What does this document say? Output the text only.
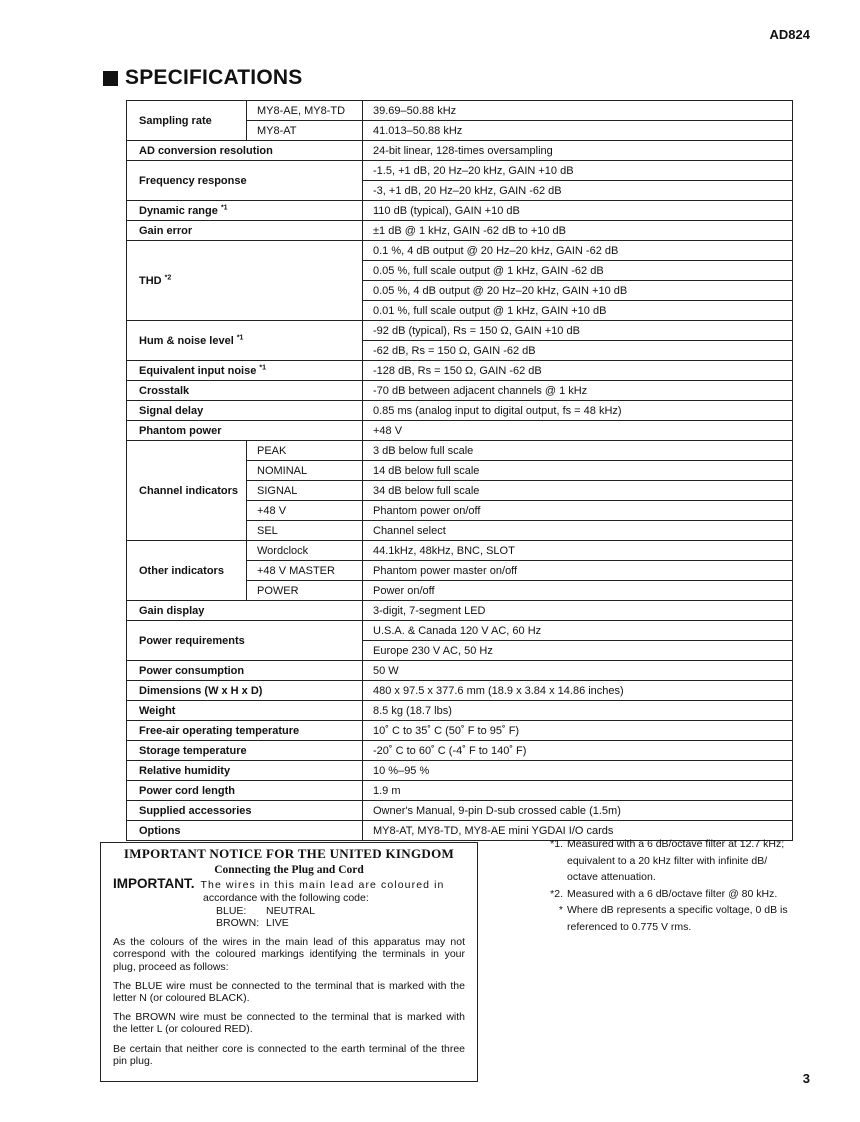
AD824
SPECIFICATIONS
Sampling rate	MY8-AE, MY8-TD	39.69–50.88 kHz
	MY8-AT	41.013–50.88 kHz
AD conversion resolution		24-bit linear, 128-times oversampling
Frequency response		-1.5, +1 dB, 20 Hz–20 kHz, GAIN +10 dB
		-3, +1 dB, 20 Hz–20 kHz, GAIN -62 dB
Dynamic range $^{*1}$		110 dB (typical), GAIN +10 dB
Gain error		±1 dB @ 1 kHz, GAIN -62 dB to +10 dB
THD $^{*2}$		0.1 %, 4 dB output @ 20 Hz–20 kHz, GAIN -62 dB
		0.05 %, full scale output @ 1 kHz, GAIN -62 dB
		0.05 %, 4 dB output @ 20 Hz–20 kHz, GAIN +10 dB
		0.01 %, full scale output @ 1 kHz, GAIN +10 dB
Hum & noise level $^{*1}$		-92 dB (typical), Rs = 150 Ω, GAIN +10 dB
		-62 dB, Rs = 150 Ω, GAIN -62 dB
Equivalent input noise $^{*1}$		-128 dB, Rs = 150 Ω, GAIN -62 dB
Crosstalk		-70 dB between adjacent channels @ 1 kHz
Signal delay		0.85 ms (analog input to digital output, fs = 48 kHz)
Phantom power		+48 V
Channel indicators	PEAK	3 dB below full scale
	NOMINAL	14 dB below full scale
	SIGNAL	34 dB below full scale
	+48 V	Phantom power on/off
	SEL	Channel select
Other indicators	Wordclock	44.1kHz, 48kHz, BNC, SLOT
	+48 V MASTER	Phantom power master on/off
	POWER	Power on/off
Gain display		3-digit, 7-segment LED
Power requirements		U.S.A. & Canada 120 V AC, 60 Hz
		Europe 230 V AC, 50 Hz
Power consumption		50 W
Dimensions (W x H x D)		480 x 97.5 x 377.6 mm (18.9 x 3.84 x 14.86 inches)
Weight		8.5 kg (18.7 lbs)
Free-air operating temperature		10˚ C to 35˚ C (50˚ F to 95˚ F)
Storage temperature		-20˚ C to 60˚ C (-4˚ F to 140˚ F)
Relative humidity		10 %–95 %
Power cord length		1.9 m
Supplied accessories		Owner's Manual, 9-pin D-sub crossed cable (1.5m)
Options		MY8-AT, MY8-TD, MY8-AE mini YGDAI I/O cards
IMPORTANT NOTICE FOR THE UNITED KINGDOM
Connecting the Plug and Cord
IMPORTANT. The wires in this main lead are coloured in
accordance with the following code:
BLUE:	NEUTRAL
BROWN: LIVE

As the colours of the wires in the main lead of this apparatus may not correspond with the coloured markings identifying the terminals in your plug, proceed as follows:

The BLUE wire must be connected to the terminal that is marked with the letter N (or coloured BLACK).

The BROWN wire must be connected to the terminal that is marked with the letter L (or coloured RED).

Be certain that neither core is connected to the earth terminal of the three pin plug.

*1. Measured with a 6 dB/octave filter at 12.7 kHz; equivalent to a 20 kHz filter with infinite dB/ octave attenuation.
*2. Measured with a 6 dB/octave filter @ 80 kHz.
* Where dB represents a specific voltage, 0 dB is referenced to 0.775 V rms.
3
